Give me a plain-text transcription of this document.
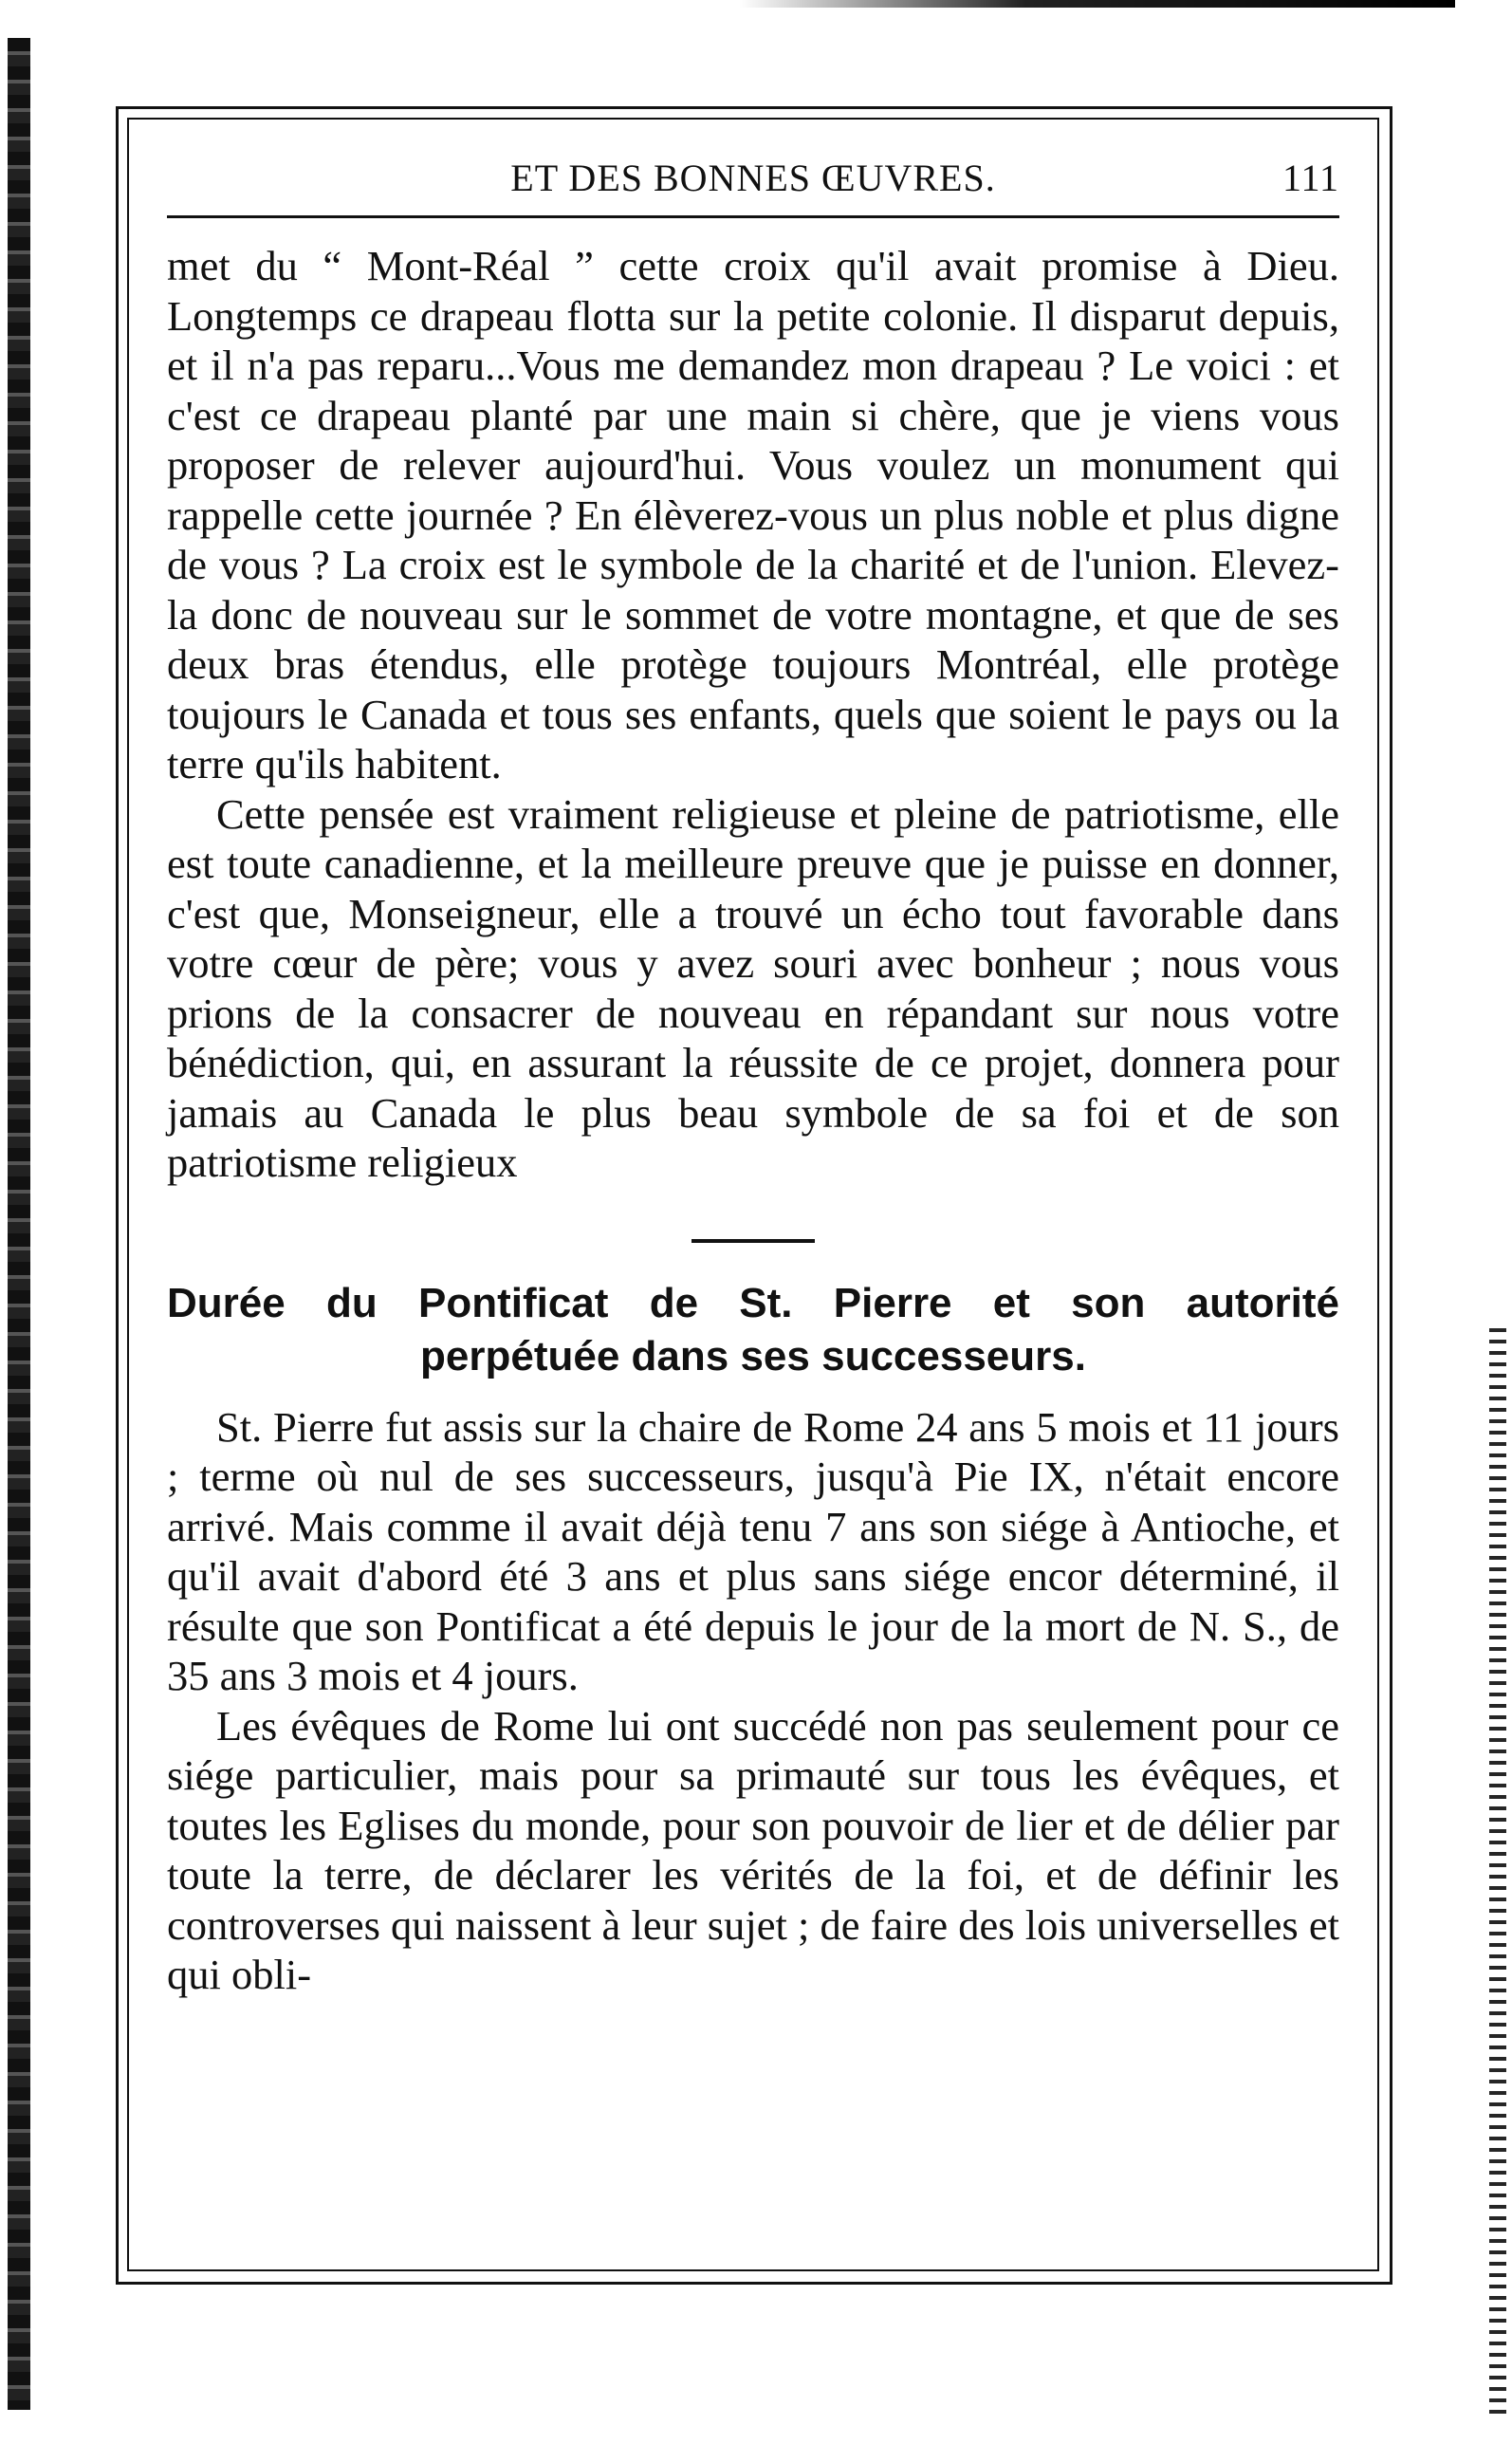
ET DES BONNES ŒUVRES.	111

met du “ Mont-Réal ” cette croix qu'il avait promise à Dieu. Longtemps ce drapeau flotta sur la petite colonie. Il disparut depuis, et il n'a pas reparu...Vous me demandez mon drapeau ? Le voici : et c'est ce drapeau planté par une main si chère, que je viens vous proposer de relever aujourd'hui. Vous voulez un monument qui rappelle cette journée ? En élèverez-vous un plus noble et plus digne de vous ? La croix est le symbole de la charité et de l'union. Elevez-la donc de nouveau sur le sommet de votre montagne, et que de ses deux bras étendus, elle protège toujours Montréal, elle protège toujours le Canada et tous ses enfants, quels que soient le pays ou la terre qu'ils habitent.

Cette pensée est vraiment religieuse et pleine de patriotisme, elle est toute canadienne, et la meilleure preuve que je puisse en donner, c'est que, Monseigneur, elle a trouvé un écho tout favorable dans votre cœur de père; vous y avez souri avec bonheur ; nous vous prions de la consacrer de nouveau en répandant sur nous votre bénédiction, qui, en assurant la réussite de ce projet, donnera pour jamais au Canada le plus beau symbole de sa foi et de son patriotisme religieux

Durée du Pontificat de St. Pierre et son autorité
perpétuée dans ses successeurs.

St. Pierre fut assis sur la chaire de Rome 24 ans 5 mois et 11 jours ; terme où nul de ses successeurs, jusqu'à Pie IX, n'était encore arrivé. Mais comme il avait déjà tenu 7 ans son siége à Antioche, et qu'il avait d'abord été 3 ans et plus sans siége encor déterminé, il résulte que son Pontificat a été depuis le jour de la mort de N. S., de 35 ans 3 mois et 4 jours.

Les évêques de Rome lui ont succédé non pas seulement pour ce siége particulier, mais pour sa primauté sur tous les évêques, et toutes les Eglises du monde, pour son pouvoir de lier et de délier par toute la terre, de déclarer les vérités de la foi, et de définir les controverses qui naissent à leur sujet ; de faire des lois universelles et qui obli-
